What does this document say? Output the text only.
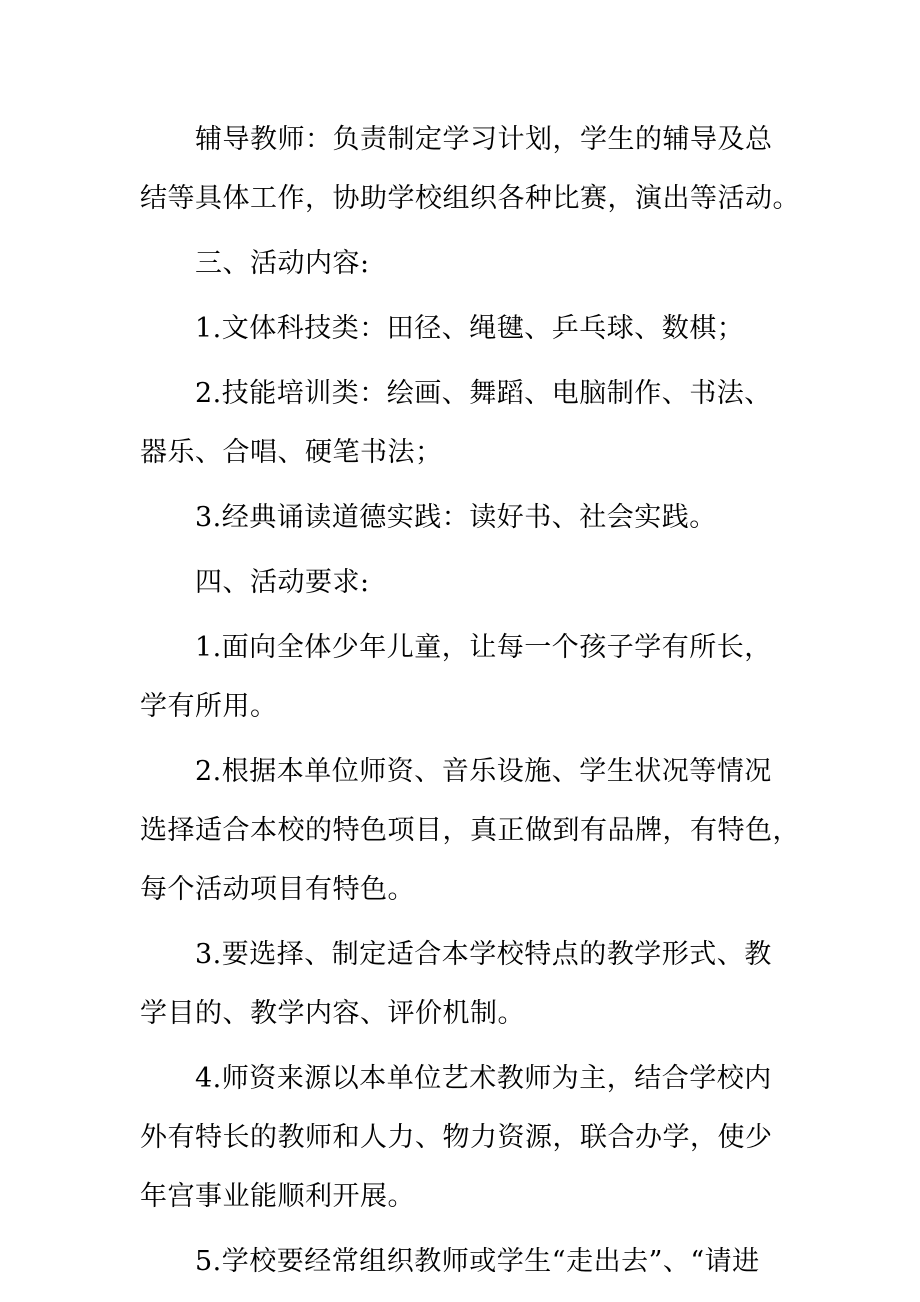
辅导教师：负责制定学习计划，学生的辅导及总
结等具体工作，协助学校组织各种比赛，演出等活动。
三、活动内容:
1.文体科技类：田径、绳毽、乒乓球、数棋；
2.技能培训类：绘画、舞蹈、电脑制作、书法、
器乐、合唱、硬笔书法；
3.经典诵读道德实践：读好书、社会实践。
四、活动要求:
1.面向全体少年儿童，让每一个孩子学有所长，
学有所用。
2.根据本单位师资、音乐设施、学生状况等情况
选择适合本校的特色项目，真正做到有品牌，有特色，
每个活动项目有特色。
3.要选择、制定适合本学校特点的教学形式、教
学目的、教学内容、评价机制。
4.师资来源以本单位艺术教师为主，结合学校内
外有特长的教师和人力、物力资源，联合办学，使少
年宫事业能顺利开展。
5.学校要经常组织教师或学生“走出去”、“请进
